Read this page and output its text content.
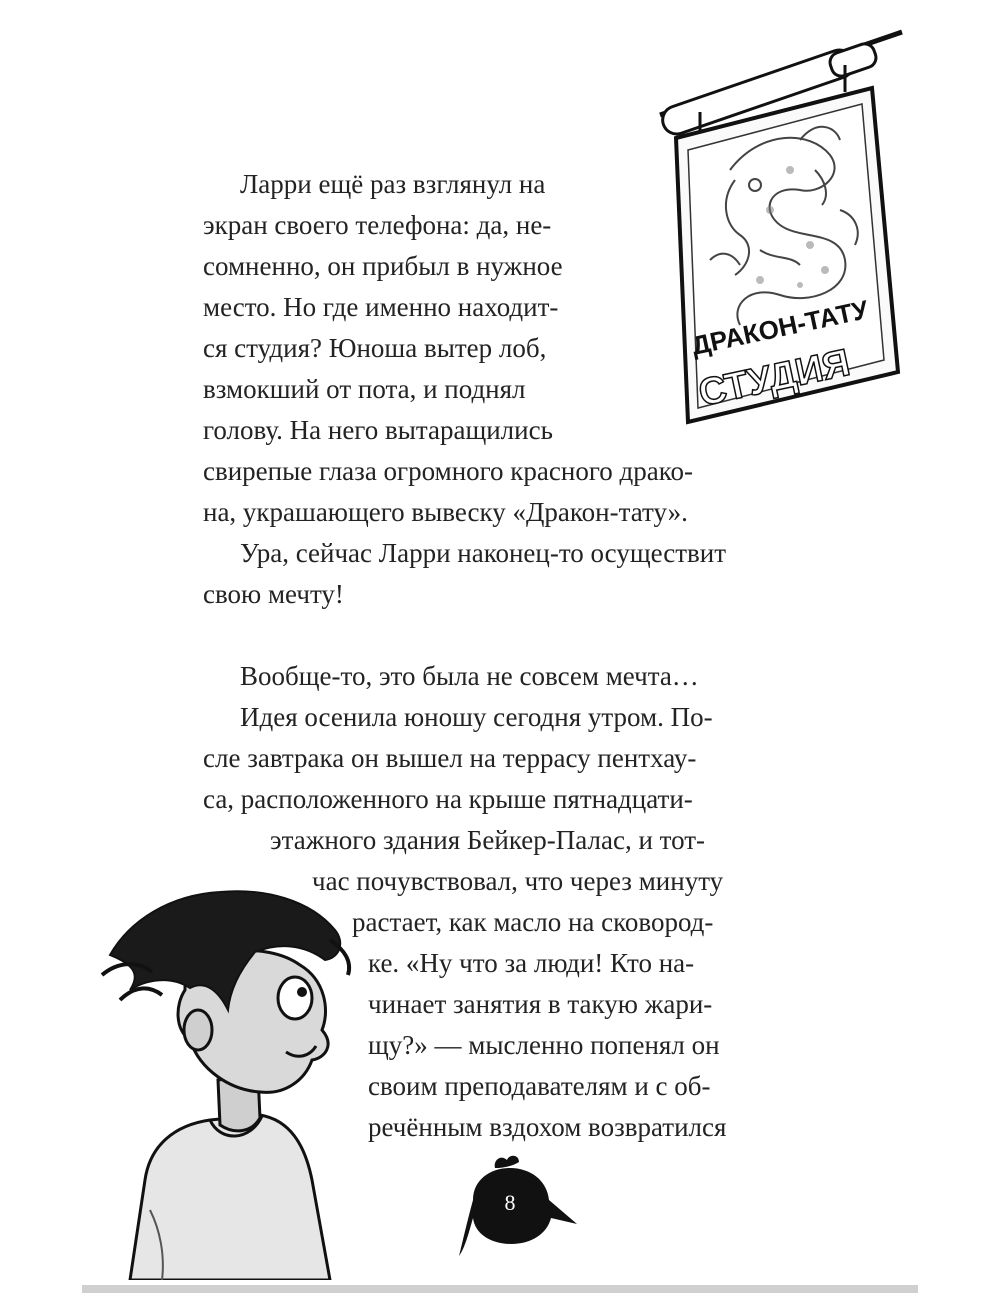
ДРАКОН-ТАТУ
СТУДИЯ
Ларри ещё раз взглянул на
экран своего телефона: да, не-
сомненно, он прибыл в нужное
место. Но где именно находит-
ся студия? Юноша вытер лоб,
взмокший от пота, и поднял
голову. На него вытаращились
свирепые глаза огромного красного драко-
на, украшающего вывеску «Дракон-тату».
Ура, сейчас Ларри наконец-то осуществит
свою мечту!
Вообще-то, это была не совсем мечта…
Идея осенила юношу сегодня утром. По-
сле завтрака он вышел на террасу пентхау-
са, расположенного на крыше пятнадцати-
этажного здания Бейкер-Палас, и тот-
час почувствовал, что через минуту
растает, как масло на сковород-
ке. «Ну что за люди! Кто на-
чинает занятия в такую жари-
щу?» — мысленно попенял он
своим преподавателям и с об-
речённым вздохом возвратился
8
